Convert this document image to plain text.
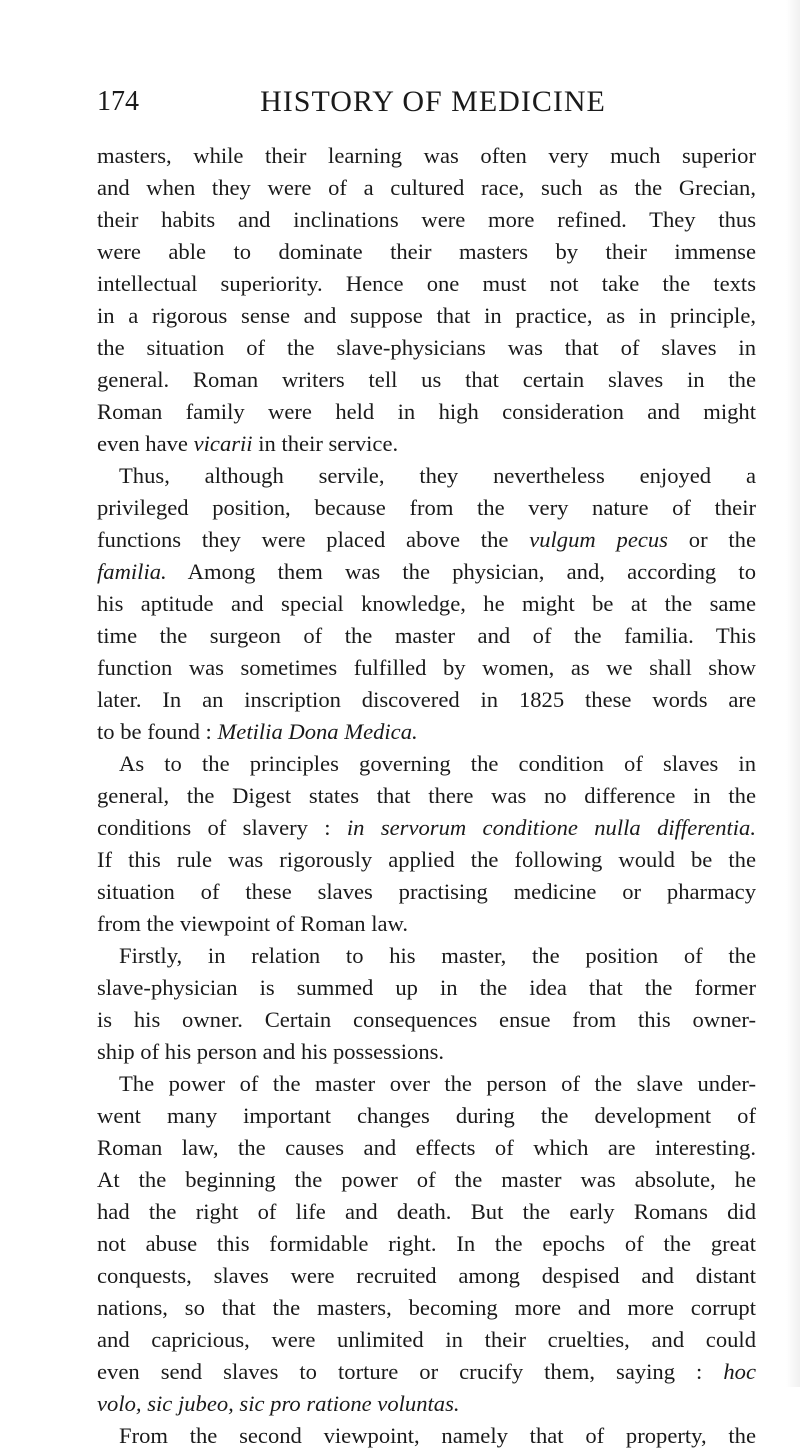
174	HISTORY OF MEDICINE
masters, while their learning was often very much superior
and when they were of a cultured race, such as the Grecian,
their habits and inclinations were more refined. They thus
were able to dominate their masters by their immense
intellectual superiority. Hence one must not take the texts
in a rigorous sense and suppose that in practice, as in principle,
the situation of the slave-physicians was that of slaves in
general. Roman writers tell us that certain slaves in the
Roman family were held in high consideration and might
even have vicarii in their service.
Thus, although servile, they nevertheless enjoyed a
privileged position, because from the very nature of their
functions they were placed above the vulgum pecus or the
familia. Among them was the physician, and, according to
his aptitude and special knowledge, he might be at the same
time the surgeon of the master and of the familia. This
function was sometimes fulfilled by women, as we shall show
later. In an inscription discovered in 1825 these words are
to be found : Metilia Dona Medica.
As to the principles governing the condition of slaves in
general, the Digest states that there was no difference in the
conditions of slavery : in servorum conditione nulla differentia.
If this rule was rigorously applied the following would be the
situation of these slaves practising medicine or pharmacy
from the viewpoint of Roman law.
Firstly, in relation to his master, the position of the
slave-physician is summed up in the idea that the former
is his owner. Certain consequences ensue from this owner-
ship of his person and his possessions.
The power of the master over the person of the slave under-
went many important changes during the development of
Roman law, the causes and effects of which are interesting.
At the beginning the power of the master was absolute, he
had the right of life and death. But the early Romans did
not abuse this formidable right. In the epochs of the great
conquests, slaves were recruited among despised and distant
nations, so that the masters, becoming more and more corrupt
and capricious, were unlimited in their cruelties, and could
even send slaves to torture or crucify them, saying : hoc
volo, sic jubeo, sic pro ratione voluntas.
From the second viewpoint, namely that of property, the
